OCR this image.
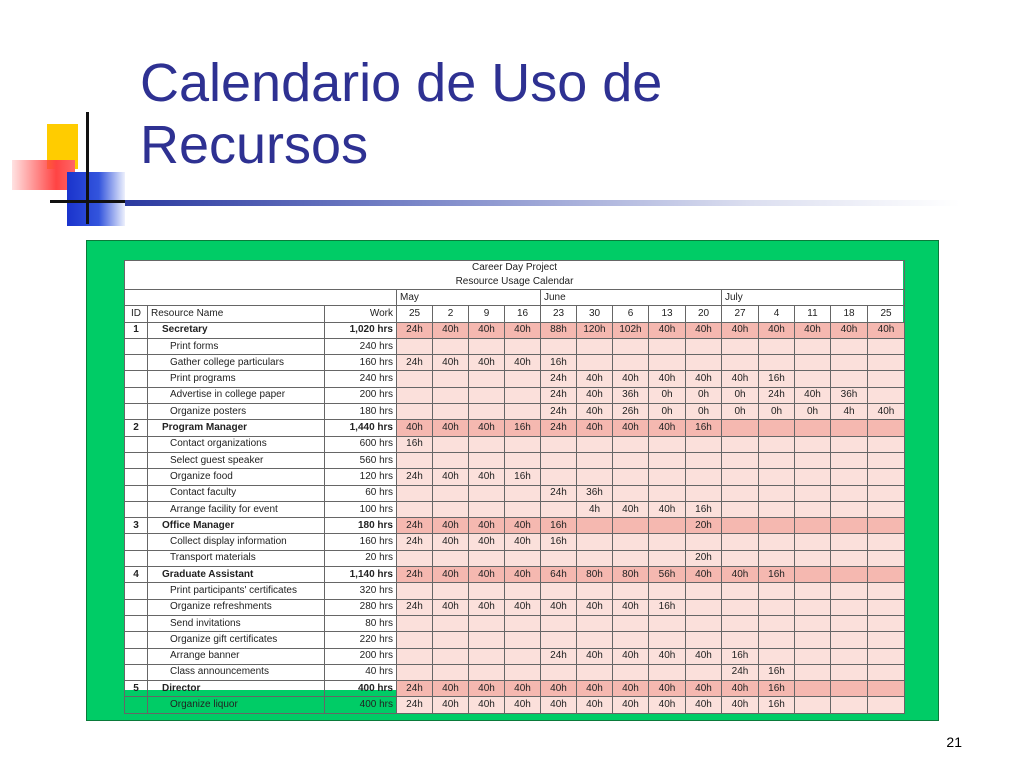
Calendario de Uso de Recursos
Career Day Project
Resource Usage Calendar																

			May				June					July				
ID	Resource Name	Work	25	2	9	16	23	30	6	13	20	27	4	11	18	25
1	Secretary	1,020 hrs	24h	40h	40h	40h	88h	120h	102h	40h	40h	40h	40h	40h	40h	40h
	Print forms	240 hrs														
	Gather college particulars	160 hrs	24h	40h	40h	40h	16h									
	Print programs	240 hrs					24h	40h	40h	40h	40h	40h	16h			
	Advertise in college paper	200 hrs					24h	40h	36h	0h	0h	0h	24h	40h	36h	
	Organize posters	180 hrs					24h	40h	26h	0h	0h	0h	0h	0h	4h	40h
2	Program Manager	1,440 hrs	40h	40h	40h	16h	24h	40h	40h	40h	16h					
	Contact organizations	600 hrs	16h													
	Select guest speaker	560 hrs														
	Organize food	120 hrs	24h	40h	40h	16h										
	Contact faculty	60 hrs					24h	36h								
	Arrange facility for event	100 hrs						4h	40h	40h	16h					
3	Office Manager	180 hrs	24h	40h	40h	40h	16h				20h					
	Collect display information	160 hrs	24h	40h	40h	40h	16h									
	Transport materials	20 hrs									20h					
4	Graduate Assistant	1,140 hrs	24h	40h	40h	40h	64h	80h	80h	56h	40h	40h	16h			
	Print participants' certificates	320 hrs														
	Organize refreshments	280 hrs	24h	40h	40h	40h	40h	40h	40h	16h						
	Send invitations	80 hrs														
	Organize gift certificates	220 hrs														
	Arrange banner	200 hrs					24h	40h	40h	40h	40h	16h				
	Class announcements	40 hrs										24h	16h			
5	Director	400 hrs	24h	40h	40h	40h	40h	40h	40h	40h	40h	40h	16h			
	Organize liquor	400 hrs	24h	40h	40h	40h	40h	40h	40h	40h	40h	40h	16h			
21
